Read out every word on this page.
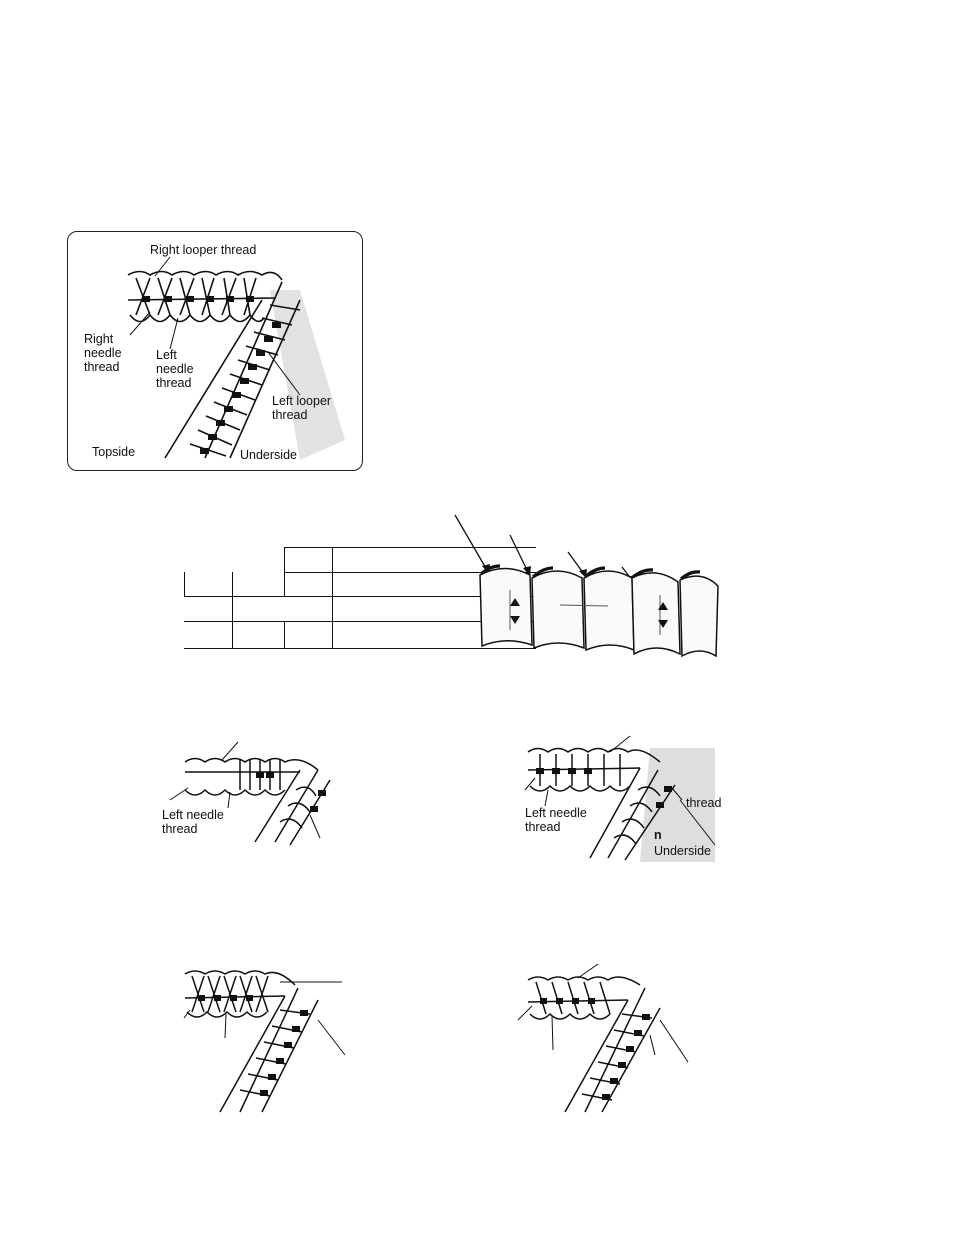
Right looper thread
Right needle thread
Left needle thread
Left looper thread
Topside	Underside
Left needle thread
Left needle thread
thread
n
Underside
